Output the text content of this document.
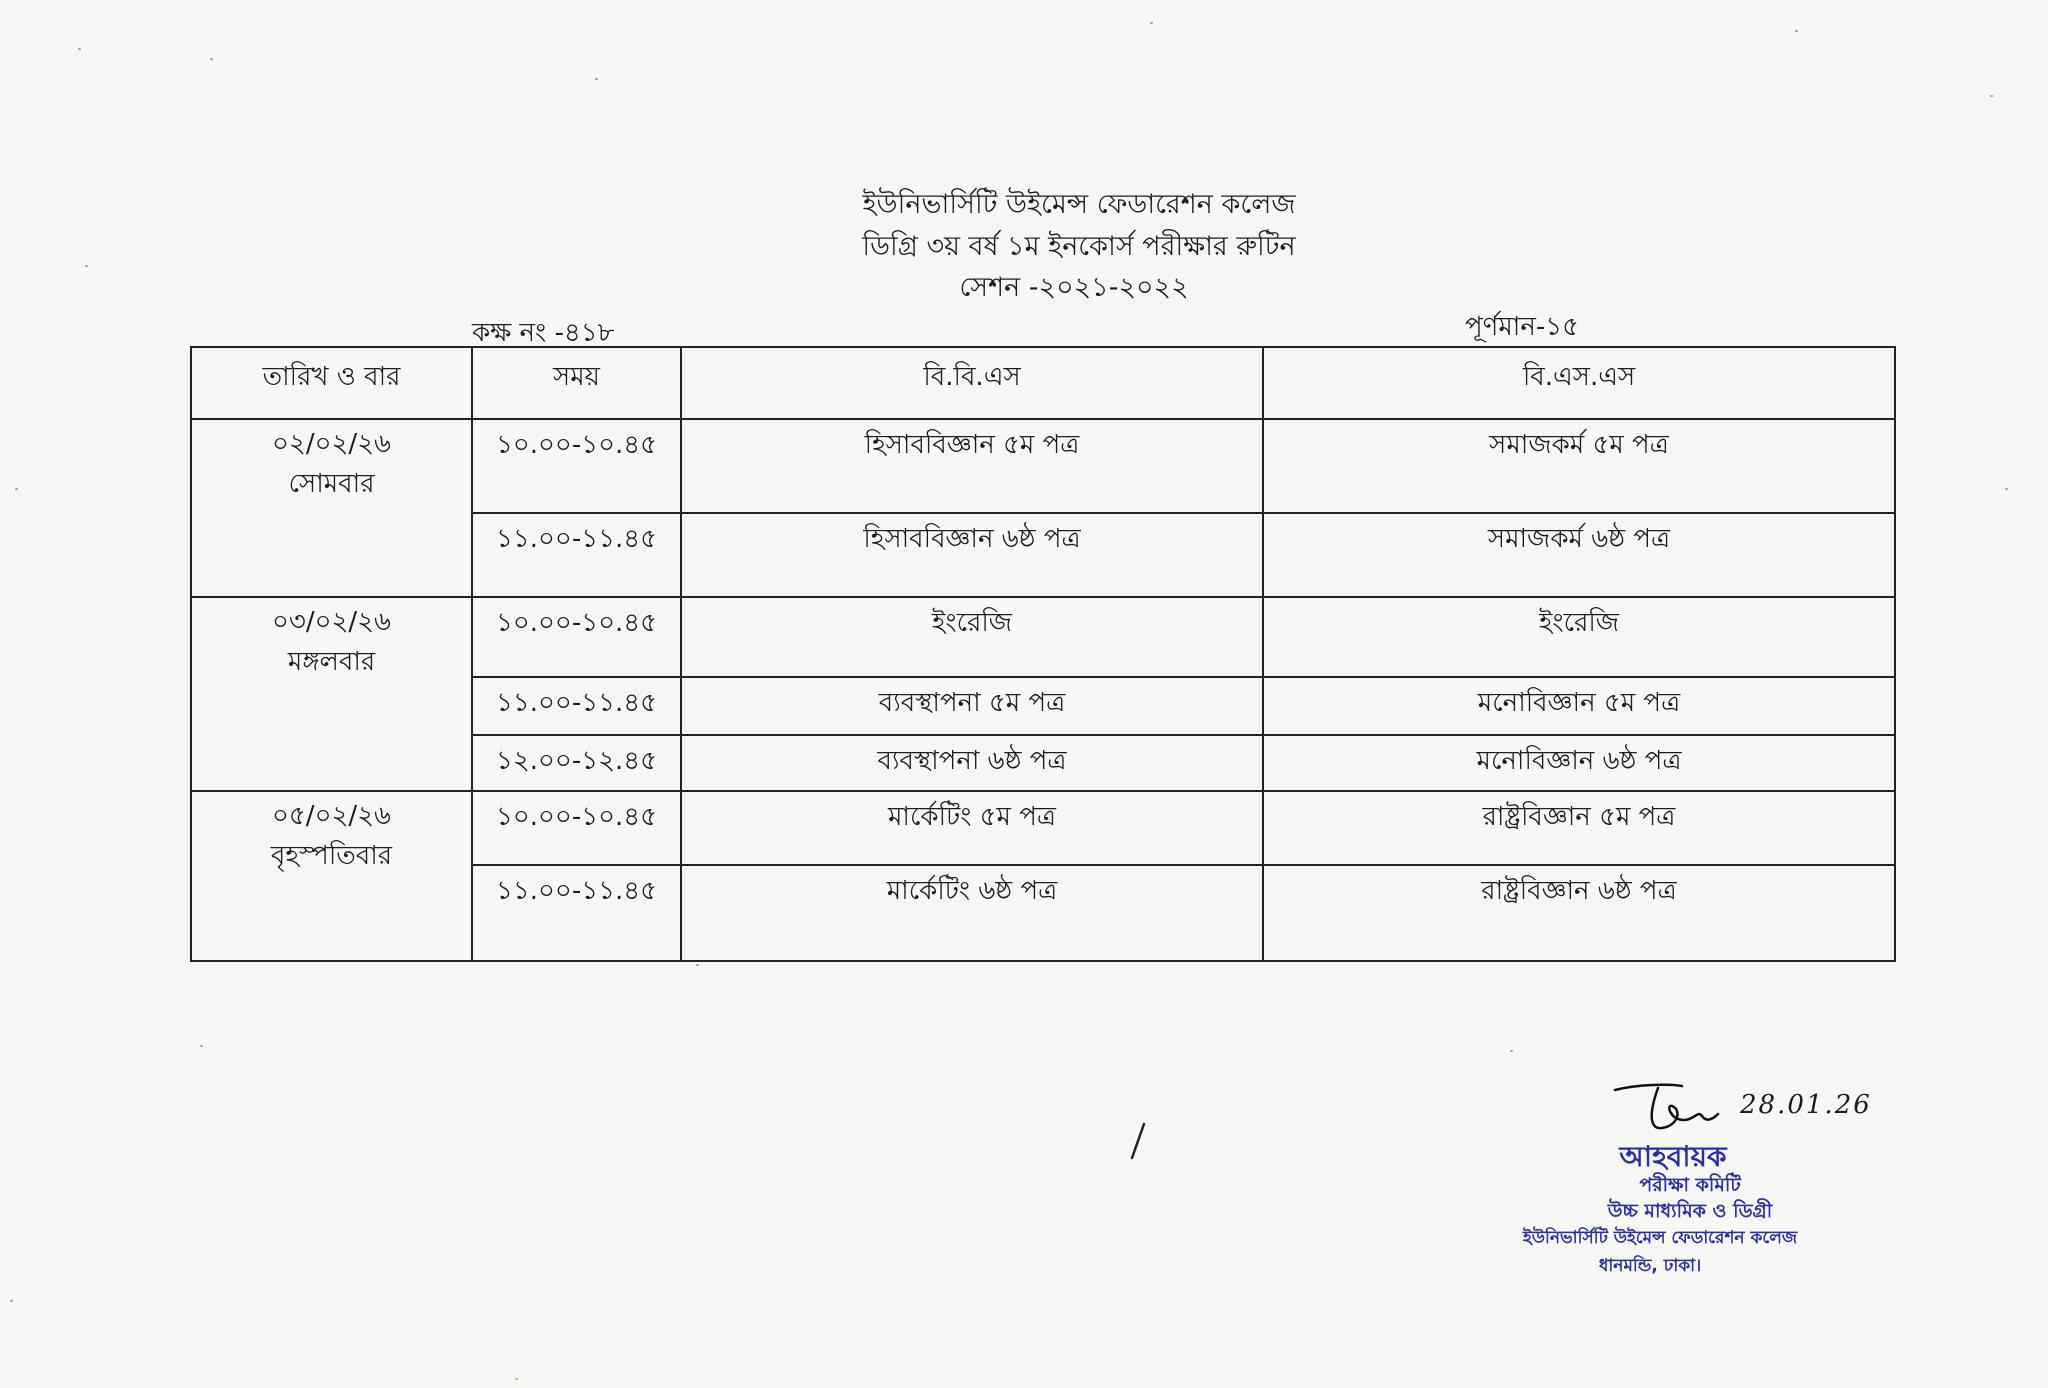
ইউনিভার্সিটি উইমেন্স ফেডারেশন কলেজ
ডিগ্রি ৩য় বর্ষ ১ম ইনকোর্স পরীক্ষার রুটিন
সেশন -২০২১-২০২২
কক্ষ নং -৪১৮	পূর্ণমান-১৫
তারিখ ও বার	সময়	বি.বি.এস	বি.এস.এস

০২/০২/২৬
সোমবার	১০.০০-১০.৪৫	হিসাববিজ্ঞান ৫ম পত্র	সমাজকর্ম ৫ম পত্র
	১১.০০-১১.৪৫	হিসাববিজ্ঞান ৬ষ্ঠ পত্র	সমাজকর্ম ৬ষ্ঠ পত্র

০৩/০২/২৬
মঙ্গলবার	১০.০০-১০.৪৫	ইংরেজি	ইংরেজি
	১১.০০-১১.৪৫	ব্যবস্থাপনা ৫ম পত্র	মনোবিজ্ঞান ৫ম পত্র
	১২.০০-১২.৪৫	ব্যবস্থাপনা ৬ষ্ঠ পত্র	মনোবিজ্ঞান ৬ষ্ঠ পত্র

০৫/০২/২৬
বৃহস্পতিবার	১০.০০-১০.৪৫	মার্কেটিং ৫ম পত্র	রাষ্ট্রবিজ্ঞান ৫ম পত্র
	১১.০০-১১.৪৫	মার্কেটিং ৬ষ্ঠ পত্র	রাষ্ট্রবিজ্ঞান ৬ষ্ঠ পত্র
28.01.26
আহবায়ক
পরীক্ষা কমিটি
উচ্চ মাধ্যমিক ও ডিগ্রী
ইউনিভার্সিটি উইমেন্স ফেডারেশন কলেজ
ধানমন্ডি, ঢাকা।
